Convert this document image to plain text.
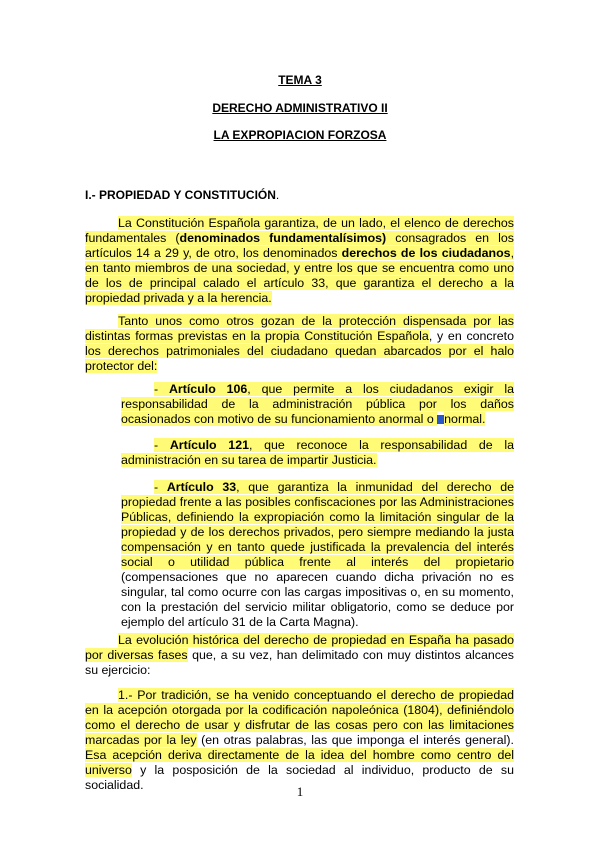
TEMA 3
DERECHO ADMINISTRATIVO II
LA EXPROPIACION FORZOSA
I.- PROPIEDAD Y CONSTITUCIÓN.

La Constitución Española garantiza, de un lado, el elenco de derechos fundamentales (denominados fundamentalísimos) consagrados en los artículos 14 a 29 y, de otro, los denominados derechos de los ciudadanos, en tanto miembros de una sociedad, y entre los que se encuentra como uno de los de principal calado el artículo 33, que garantiza el derecho a la propiedad privada y a la herencia.

Tanto unos como otros gozan de la protección dispensada por las distintas formas previstas en la propia Constitución Española, y en concreto los derechos patrimoniales del ciudadano quedan abarcados por el halo protector del:

- Artículo 106, que permite a los ciudadanos exigir la responsabilidad de la administración pública por los daños ocasionados con motivo de su funcionamiento anormal o normal.

- Artículo 121, que reconoce la responsabilidad de la administración en su tarea de impartir Justicia.

- Artículo 33, que garantiza la inmunidad del derecho de propiedad frente a las posibles confiscaciones por las Administraciones Públicas, definiendo la expropiación como la limitación singular de la propiedad y de los derechos privados, pero siempre mediando la justa compensación y en tanto quede justificada la prevalencia del interés social o utilidad pública frente al interés del propietario (compensaciones que no aparecen cuando dicha privación no es singular, tal como ocurre con las cargas impositivas o, en su momento, con la prestación del servicio militar obligatorio, como se deduce por ejemplo del artículo 31 de la Carta Magna).

La evolución histórica del derecho de propiedad en España ha pasado por diversas fases que, a su vez, han delimitado con muy distintos alcances su ejercicio:

1.- Por tradición, se ha venido conceptuando el derecho de propiedad en la acepción otorgada por la codificación napoleónica (1804), definiéndolo como el derecho de usar y disfrutar de las cosas pero con las limitaciones marcadas por la ley (en otras palabras, las que imponga el interés general). Esa acepción deriva directamente de la idea del hombre como centro del universo y la posposición de la sociedad al individuo, producto de su socialidad.	1
